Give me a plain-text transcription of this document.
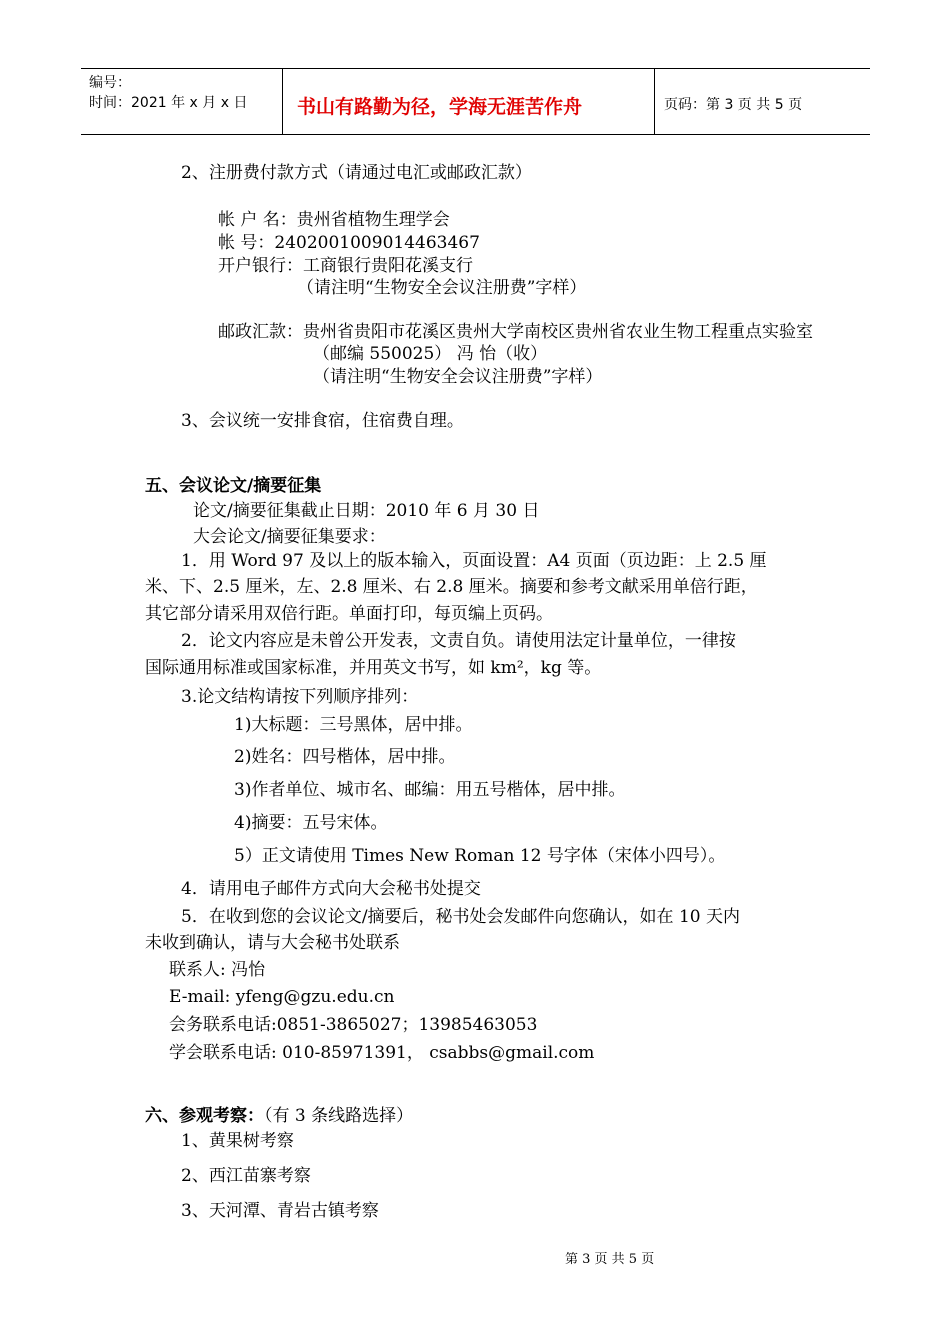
编号：
时间：2021 年 x 月 x 日	书山有路勤为径，学海无涯苦作舟	页码：第 3 页 共 5 页
2、注册费付款方式（请通过电汇或邮政汇款）
帐 户 名：贵州省植物生理学会
帐 号：2402001009014463467
开户银行：工商银行贵阳花溪支行
（请注明“生物安全会议注册费”字样）
邮政汇款：贵州省贵阳市花溪区贵州大学南校区贵州省农业生物工程重点实验室
（邮编 550025） 冯 怡（收）
（请注明“生物安全会议注册费”字样）
3、会议统一安排食宿，住宿费自理。
五、会议论文/摘要征集
论文/摘要征集截止日期：2010 年 6 月 30 日
大会论文/摘要征集要求：
1．用 Word 97 及以上的版本输入，页面设置：A4 页面（页边距：上 2.5 厘
米、下、2.5 厘米，左、2.8 厘米、右 2.8 厘米。摘要和参考文献采用单倍行距，
其它部分请采用双倍行距。单面打印，每页编上页码。
2．论文内容应是未曾公开发表，文责自负。请使用法定计量单位，一律按
国际通用标准或国家标准，并用英文书写，如 km²，kg 等。
3.论文结构请按下列顺序排列：
1)大标题：三号黑体，居中排。
2)姓名：四号楷体，居中排。
3)作者单位、城市名、邮编：用五号楷体，居中排。
4)摘要：五号宋体。
5）正文请使用 Times New Roman 12 号字体（宋体小四号）。
4．请用电子邮件方式向大会秘书处提交
5．在收到您的会议论文/摘要后，秘书处会发邮件向您确认，如在 10 天内
未收到确认，请与大会秘书处联系
联系人: 冯怡
E-mail: yfeng@gzu.edu.cn
会务联系电话:0851-3865027；13985463053
学会联系电话: 010-85971391， csabbs@gmail.com
六、参观考察：（有 3 条线路选择）
1、黄果树考察
2、西江苗寨考察
3、天河潭、青岩古镇考察
第 3 页 共 5 页
